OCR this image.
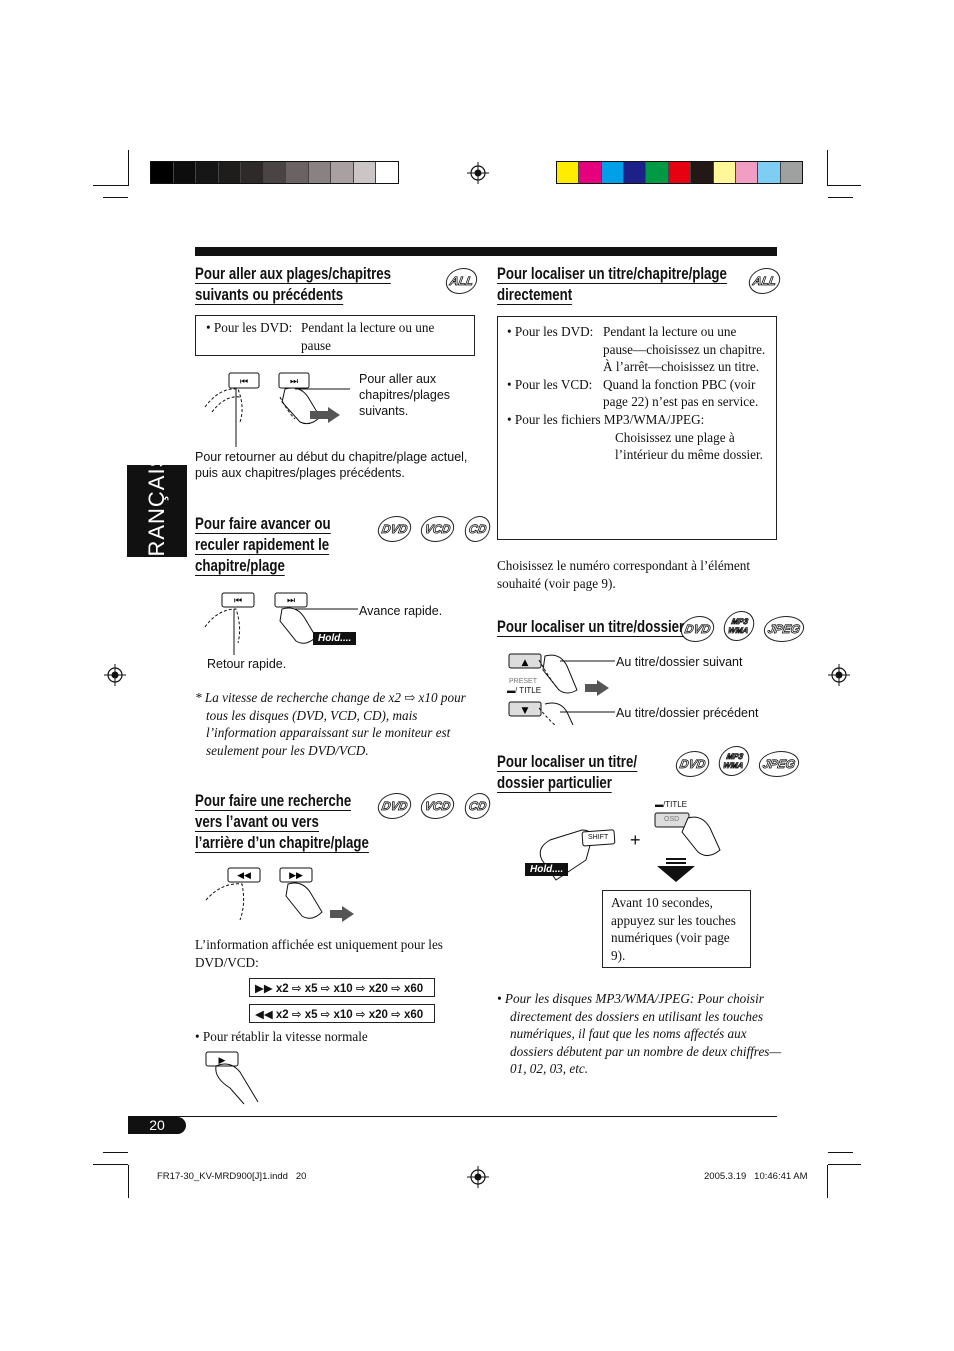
FRANÇAIS
Pour aller aux plages/chapitres
suivants ou précédents
ALL
• Pour les DVD: Pendant la lecture ou une pause
⏮	⏭	Pour aller aux chapitres/plages suivants.
Pour retourner au début du chapitre/plage actuel, puis aux chapitres/plages précédents.
Pour faire avancer ou
reculer rapidement le
chapitre/plage
DVD VCD CD
⏮	⏭
Hold....
Avance rapide.
Retour rapide.
* La vitesse de recherche change de x2 ⇨ x10 pour tous les disques (DVD, VCD, CD), mais l’information apparaissant sur le moniteur est seulement pour les DVD/VCD.
Pour faire une recherche
vers l’avant ou vers
l’arrière d’un chapitre/plage
DVD VCD CD
◀◀	▶▶
L’information affichée est uniquement pour les DVD/VCD:
▶▶ x2 ⇨ x5 ⇨ x10 ⇨ x20 ⇨ x60
◀◀ x2 ⇨ x5 ⇨ x10 ⇨ x20 ⇨ x60
• Pour rétablir la vitesse normale
▶
Pour localiser un titre/chapitre/plage
directement
ALL
• Pour les DVD: Pendant la lecture ou une pause—choisissez un chapitre.
À l’arrêt—choisissez un titre.
• Pour les VCD: Quand la fonction PBC (voir page 22) n’est pas en service.
• Pour les fichiers MP3/WMA/JPEG:
Choisissez une plage à l’intérieur du même dossier.
Choisissez le numéro correspondant à l’élément souhaité (voir page 9).
Pour localiser un titre/dossier DVD MP3 WMA JPEG
▲
▼
PRESET
▬/ TITLE
Au titre/dossier suivant
Au titre/dossier précédent
Pour localiser un titre/
dossier particulier
DVD MP3 WMA JPEG
SHIFT
OSD
▬/TITLE
+
Hold....
Avant 10 secondes, appuyez sur les touches numériques (voir page 9).
• Pour les disques MP3/WMA/JPEG: Pour choisir directement des dossiers en utilisant les touches numériques, il faut que les noms affectés aux dossiers débutent par un nombre de deux chiffres—01, 02, 03, etc.
20
FR17-30_KV-MRD900[J]1.indd   20	2005.3.19   10:46:41 AM
